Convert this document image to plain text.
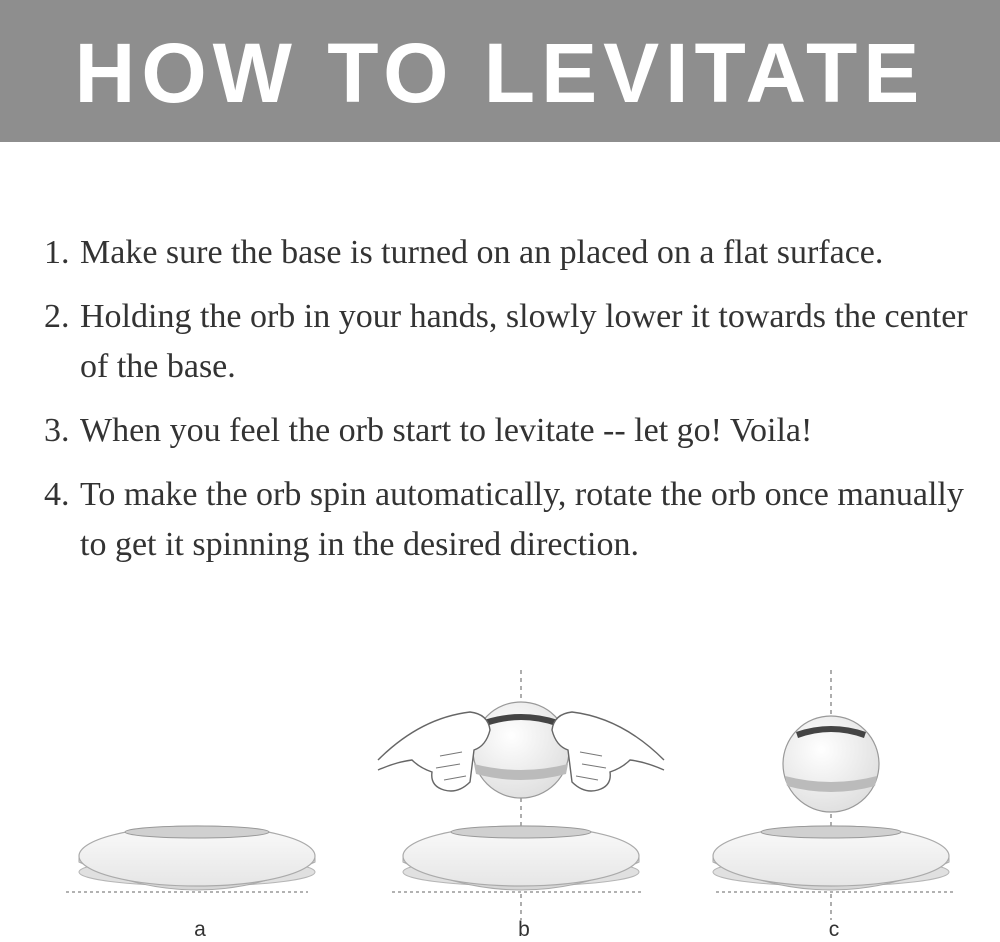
HOW TO LEVITATE
1. Make sure the base is turned on an placed on a flat surface.
2. Holding the orb in your hands, slowly lower it towards the center of the base.
3. When you feel the orb start to levitate -- let go! Voila!
4. To make the orb spin automatically, rotate the orb once manually to get it spinning in the desired direction.
a	b	c
